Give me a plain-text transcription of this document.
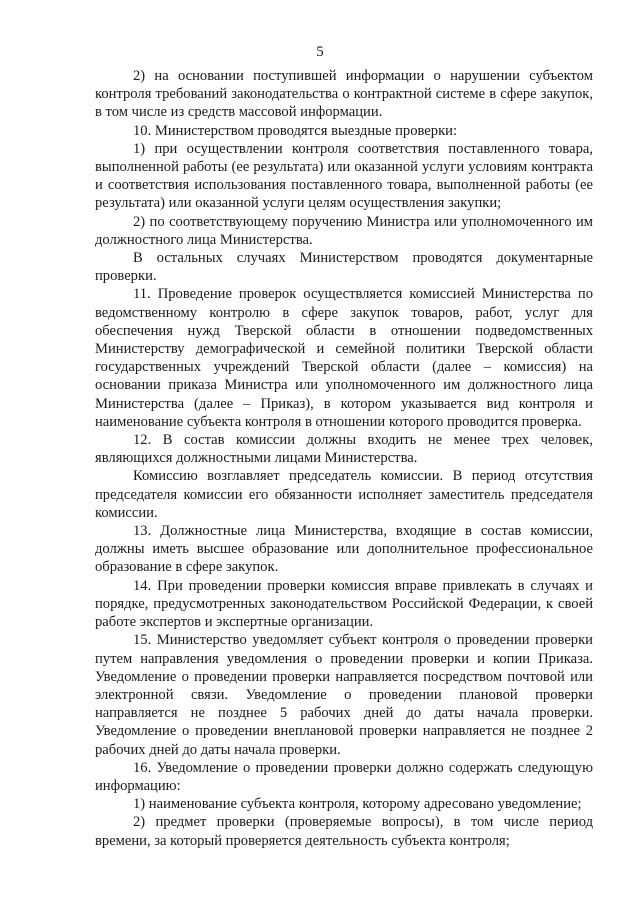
5

2) на основании поступившей информации о нарушении субъектом контроля требований законодательства о контрактной системе в сфере закупок, в том числе из средств массовой информации.

10. Министерством проводятся выездные проверки:

1) при осуществлении контроля соответствия поставленного товара, выполненной работы (ее результата) или оказанной услуги условиям контракта и соответствия использования поставленного товара, выполненной работы (ее результата) или оказанной услуги целям осуществления закупки;

2) по соответствующему поручению Министра или уполномоченного им должностного лица Министерства.

В остальных случаях Министерством проводятся документарные проверки.

11. Проведение проверок осуществляется комиссией Министерства по ведомственному контролю в сфере закупок товаров, работ, услуг для обеспечения нужд Тверской области в отношении подведомственных Министерству демографической и семейной политики Тверской области государственных учреждений Тверской области (далее – комиссия) на основании приказа Министра или уполномоченного им должностного лица Министерства (далее – Приказ), в котором указывается вид контроля и наименование субъекта контроля в отношении которого проводится проверка.

12. В состав комиссии должны входить не менее трех человек, являющихся должностными лицами Министерства.

Комиссию возглавляет председатель комиссии. В период отсутствия председателя комиссии его обязанности исполняет заместитель председателя комиссии.

13. Должностные лица Министерства, входящие в состав комиссии, должны иметь высшее образование или дополнительное профессиональное образование в сфере закупок.

14. При проведении проверки комиссия вправе привлекать в случаях и порядке, предусмотренных законодательством Российской Федерации, к своей работе экспертов и экспертные организации.

15. Министерство уведомляет субъект контроля о проведении проверки путем направления уведомления о проведении проверки и копии Приказа. Уведомление о проведении проверки направляется посредством почтовой или электронной связи. Уведомление о проведении плановой проверки направляется не позднее 5 рабочих дней до даты начала проверки. Уведомление о проведении внеплановой проверки направляется не позднее 2 рабочих дней до даты начала проверки.

16. Уведомление о проведении проверки должно содержать следующую информацию:

1) наименование субъекта контроля, которому адресовано уведомление;

2) предмет проверки (проверяемые вопросы), в том числе период времени, за который проверяется деятельность субъекта контроля;
